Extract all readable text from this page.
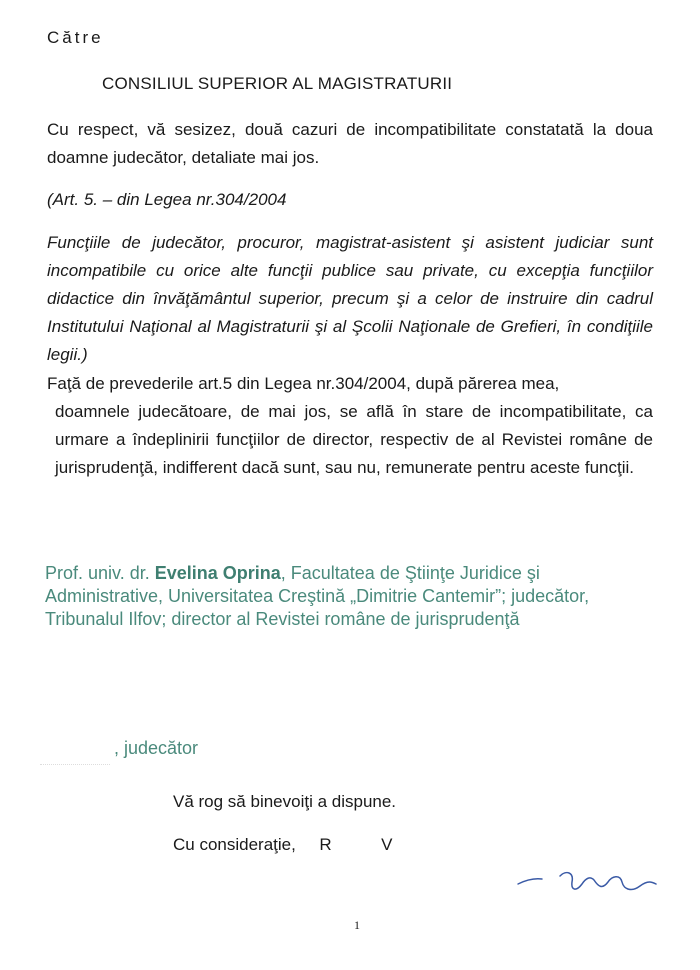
Către
CONSILIUL SUPERIOR AL MAGISTRATURII
Cu respect, vă sesizez, două cazuri de incompatibilitate constatată la doua doamne judecător, detaliate mai jos.
(Art. 5. – din Legea nr.304/2004
Funcţiile de judecător, procuror, magistrat-asistent şi asistent judiciar sunt incompatibile cu orice alte funcţii publice sau private, cu excepţia funcţiilor didactice din învăţământul superior, precum şi a celor de instruire din cadrul Institutului Naţional al Magistraturii şi al Şcolii Naţionale de Grefieri, în condiţiile legii.)
Faţă de prevederile art.5 din Legea nr.304/2004, după părerea mea,
doamnele judecătoare, de mai jos, se află în stare de incompatibilitate, ca urmare a îndeplinirii funcţiilor de director, respectiv de al Revistei române de jurisprudenţă, indifferent dacă sunt, sau nu, remunerate pentru aceste funcţii.
Prof. univ. dr. Evelina Oprina, Facultatea de Ştiinţe Juridice şi Administrative, Universitatea Creştină „Dimitrie Cantemir”; judecător, Tribunalul Ilfov; director al Revistei române de jurisprudenţă
, judecător
Vă rog să binevoiţi a dispune.
Cu consideraţie, R	V
1
